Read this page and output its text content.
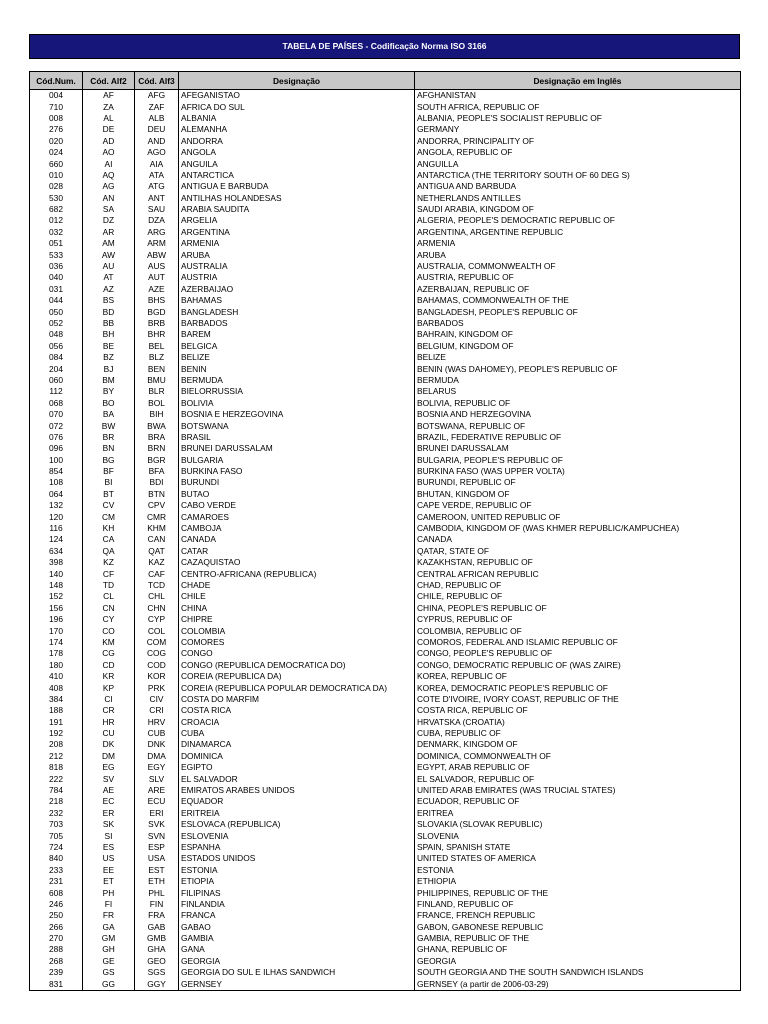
TABELA DE PAÍSES - Codificação Norma ISO 3166
Cód.Num.	Cód. Alf2	Cód. Alf3	Designação	Designação em Inglês
004	AF	AFG	AFEGANISTAO	AFGHANISTAN
710	ZA	ZAF	AFRICA DO SUL	SOUTH AFRICA, REPUBLIC OF
008	AL	ALB	ALBANIA	ALBANIA, PEOPLE'S SOCIALIST REPUBLIC OF
276	DE	DEU	ALEMANHA	GERMANY
020	AD	AND	ANDORRA	ANDORRA, PRINCIPALITY OF
024	AO	AGO	ANGOLA	ANGOLA, REPUBLIC OF
660	AI	AIA	ANGUILA	ANGUILLA
010	AQ	ATA	ANTARCTICA	ANTARCTICA (THE TERRITORY SOUTH OF 60 DEG S)
028	AG	ATG	ANTIGUA E BARBUDA	ANTIGUA AND BARBUDA
530	AN	ANT	ANTILHAS HOLANDESAS	NETHERLANDS ANTILLES
682	SA	SAU	ARABIA SAUDITA	SAUDI ARABIA, KINGDOM OF
012	DZ	DZA	ARGELIA	ALGERIA, PEOPLE'S DEMOCRATIC REPUBLIC OF
032	AR	ARG	ARGENTINA	ARGENTINA, ARGENTINE REPUBLIC
051	AM	ARM	ARMENIA	ARMENIA
533	AW	ABW	ARUBA	ARUBA
036	AU	AUS	AUSTRALIA	AUSTRALIA, COMMONWEALTH OF
040	AT	AUT	AUSTRIA	AUSTRIA, REPUBLIC OF
031	AZ	AZE	AZERBAIJAO	AZERBAIJAN, REPUBLIC OF
044	BS	BHS	BAHAMAS	BAHAMAS, COMMONWEALTH OF THE
050	BD	BGD	BANGLADESH	BANGLADESH, PEOPLE'S REPUBLIC OF
052	BB	BRB	BARBADOS	BARBADOS
048	BH	BHR	BAREM	BAHRAIN, KINGDOM OF
056	BE	BEL	BELGICA	BELGIUM, KINGDOM OF
084	BZ	BLZ	BELIZE	BELIZE
204	BJ	BEN	BENIN	BENIN (WAS DAHOMEY), PEOPLE'S REPUBLIC OF
060	BM	BMU	BERMUDA	BERMUDA
112	BY	BLR	BIELORRUSSIA	BELARUS
068	BO	BOL	BOLIVIA	BOLIVIA, REPUBLIC OF
070	BA	BIH	BOSNIA E HERZEGOVINA	BOSNIA AND HERZEGOVINA
072	BW	BWA	BOTSWANA	BOTSWANA, REPUBLIC OF
076	BR	BRA	BRASIL	BRAZIL, FEDERATIVE REPUBLIC OF
096	BN	BRN	BRUNEI DARUSSALAM	BRUNEI DARUSSALAM
100	BG	BGR	BULGARIA	BULGARIA, PEOPLE'S REPUBLIC OF
854	BF	BFA	BURKINA FASO	BURKINA FASO (WAS UPPER VOLTA)
108	BI	BDI	BURUNDI	BURUNDI, REPUBLIC OF
064	BT	BTN	BUTAO	BHUTAN, KINGDOM OF
132	CV	CPV	CABO VERDE	CAPE VERDE, REPUBLIC OF
120	CM	CMR	CAMAROES	CAMEROON, UNITED REPUBLIC OF
116	KH	KHM	CAMBOJA	CAMBODIA, KINGDOM OF (WAS KHMER REPUBLIC/KAMPUCHEA)
124	CA	CAN	CANADA	CANADA
634	QA	QAT	CATAR	QATAR, STATE OF
398	KZ	KAZ	CAZAQUISTAO	KAZAKHSTAN, REPUBLIC OF
140	CF	CAF	CENTRO-AFRICANA (REPUBLICA)	CENTRAL AFRICAN REPUBLIC
148	TD	TCD	CHADE	CHAD, REPUBLIC OF
152	CL	CHL	CHILE	CHILE, REPUBLIC OF
156	CN	CHN	CHINA	CHINA, PEOPLE'S REPUBLIC OF
196	CY	CYP	CHIPRE	CYPRUS, REPUBLIC OF
170	CO	COL	COLOMBIA	COLOMBIA, REPUBLIC OF
174	KM	COM	COMORES	COMOROS, FEDERAL AND ISLAMIC REPUBLIC OF
178	CG	COG	CONGO	CONGO, PEOPLE'S REPUBLIC OF
180	CD	COD	CONGO (REPUBLICA DEMOCRATICA DO)	CONGO, DEMOCRATIC REPUBLIC OF (WAS ZAIRE)
410	KR	KOR	COREIA (REPUBLICA DA)	KOREA, REPUBLIC OF
408	KP	PRK	COREIA (REPUBLICA POPULAR DEMOCRATICA DA)	KOREA, DEMOCRATIC PEOPLE'S REPUBLIC OF
384	CI	CIV	COSTA DO MARFIM	COTE D'IVOIRE, IVORY COAST, REPUBLIC OF THE
188	CR	CRI	COSTA RICA	COSTA RICA, REPUBLIC OF
191	HR	HRV	CROACIA	HRVATSKA (CROATIA)
192	CU	CUB	CUBA	CUBA, REPUBLIC OF
208	DK	DNK	DINAMARCA	DENMARK, KINGDOM OF
212	DM	DMA	DOMINICA	DOMINICA, COMMONWEALTH OF
818	EG	EGY	EGIPTO	EGYPT, ARAB REPUBLIC OF
222	SV	SLV	EL SALVADOR	EL SALVADOR, REPUBLIC OF
784	AE	ARE	EMIRATOS ARABES UNIDOS	UNITED ARAB EMIRATES (WAS TRUCIAL STATES)
218	EC	ECU	EQUADOR	ECUADOR, REPUBLIC OF
232	ER	ERI	ERITREIA	ERITREA
703	SK	SVK	ESLOVACA (REPUBLICA)	SLOVAKIA (SLOVAK REPUBLIC)
705	SI	SVN	ESLOVENIA	SLOVENIA
724	ES	ESP	ESPANHA	SPAIN, SPANISH STATE
840	US	USA	ESTADOS UNIDOS	UNITED STATES OF AMERICA
233	EE	EST	ESTONIA	ESTONIA
231	ET	ETH	ETIOPIA	ETHIOPIA
608	PH	PHL	FILIPINAS	PHILIPPINES, REPUBLIC OF THE
246	FI	FIN	FINLANDIA	FINLAND, REPUBLIC OF
250	FR	FRA	FRANCA	FRANCE, FRENCH REPUBLIC
266	GA	GAB	GABAO	GABON, GABONESE REPUBLIC
270	GM	GMB	GAMBIA	GAMBIA, REPUBLIC OF THE
288	GH	GHA	GANA	GHANA, REPUBLIC OF
268	GE	GEO	GEORGIA	GEORGIA
239	GS	SGS	GEORGIA DO SUL E ILHAS SANDWICH	SOUTH GEORGIA AND THE SOUTH SANDWICH ISLANDS
831	GG	GGY	GERNSEY	GERNSEY (a partir de 2006-03-29)
